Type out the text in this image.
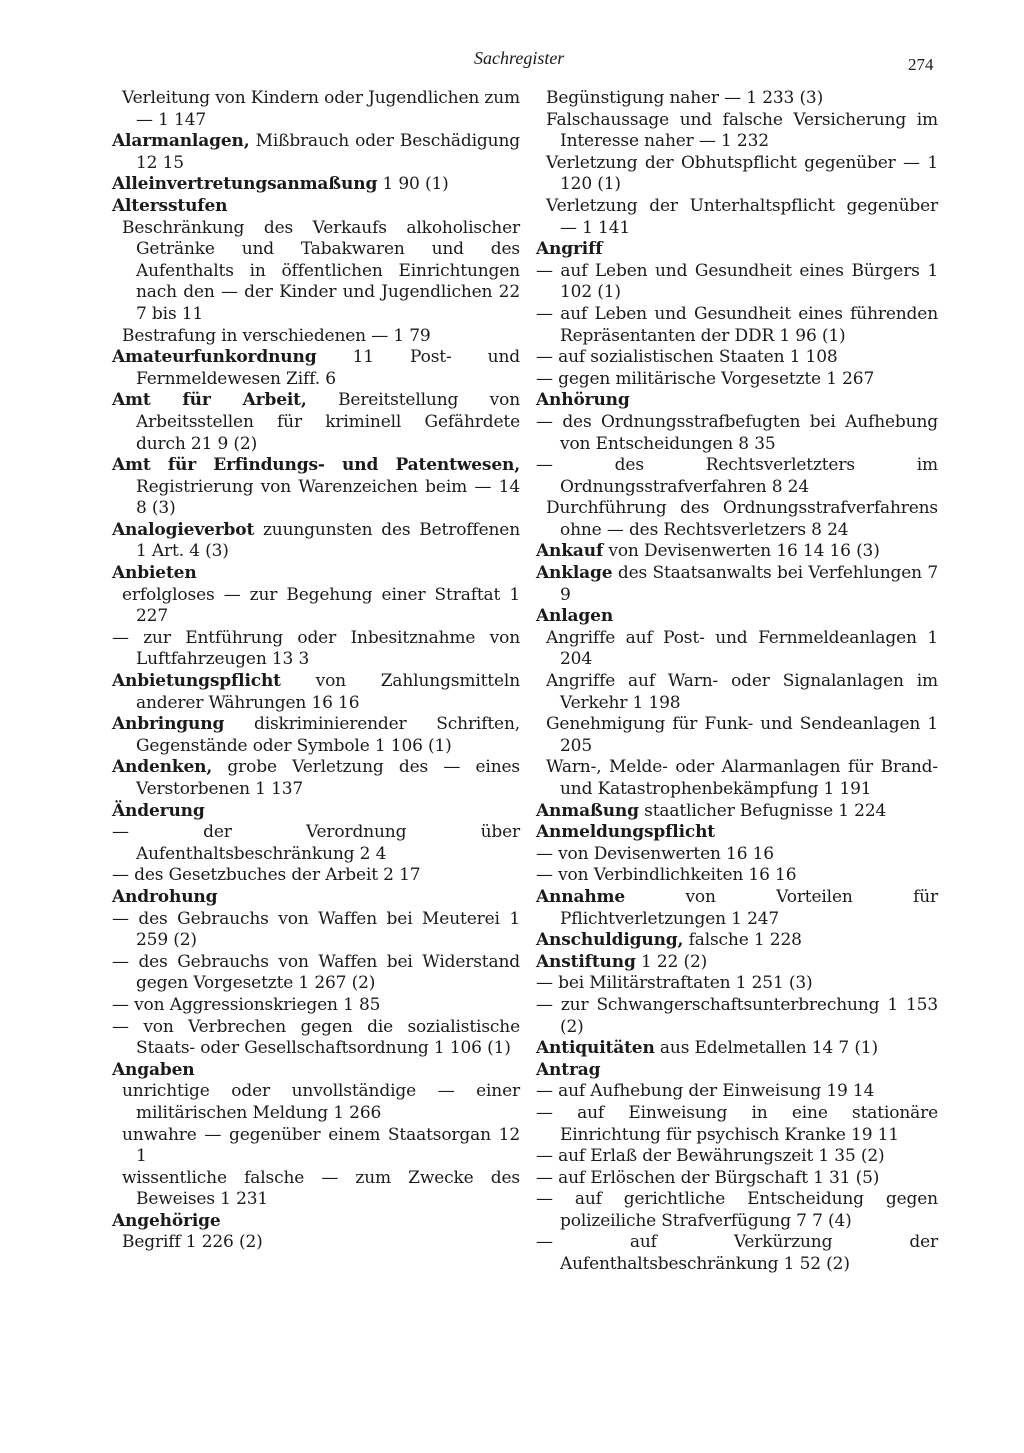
Sachregister	274

Verleitung von Kindern oder Jugendlichen zum — 1 147

Alarmanlagen, Mißbrauch oder Beschädigung 12 15

Alleinvertretungsanmaßung 1 90 (1)

Altersstufen

Beschränkung des Verkaufs alkoholischer Getränke und Tabakwaren und des Aufenthalts in öffentlichen Einrichtungen nach den — der Kinder und Jugendlichen 22 7 bis 11

Bestrafung in verschiedenen — 1 79

Amateurfunkordnung 11 Post- und Fernmeldewesen Ziff. 6

Amt für Arbeit, Bereitstellung von Arbeitsstellen für kriminell Gefährdete durch 21 9 (2)

Amt für Erfindungs- und Patentwesen, Registrierung von Warenzeichen beim — 14 8 (3)

Analogieverbot zuungunsten des Betroffenen 1 Art. 4 (3)

Anbieten

erfolgloses — zur Begehung einer Straftat 1 227

— zur Entführung oder Inbesitznahme von Luftfahrzeugen 13 3

Anbietungspflicht von Zahlungsmitteln anderer Währungen 16 16

Anbringung diskriminierender Schriften, Gegenstände oder Symbole 1 106 (1)

Andenken, grobe Verletzung des — eines Verstorbenen 1 137

Änderung

— der Verordnung über Aufenthaltsbeschränkung 2 4

— des Gesetzbuches der Arbeit 2 17

Androhung

— des Gebrauchs von Waffen bei Meuterei 1 259 (2)

— des Gebrauchs von Waffen bei Widerstand gegen Vorgesetzte 1 267 (2)

— von Aggressionskriegen 1 85

— von Verbrechen gegen die sozialistische Staats- oder Gesellschaftsordnung 1 106 (1)

Angaben

unrichtige oder unvollständige — einer militärischen Meldung 1 266

unwahre — gegenüber einem Staatsorgan 12 1

wissentliche falsche — zum Zwecke des Beweises 1 231

Angehörige

Begriff 1 226 (2)

Begünstigung naher — 1 233 (3)

Falschaussage und falsche Versicherung im Interesse naher — 1 232

Verletzung der Obhutspflicht gegenüber — 1 120 (1)

Verletzung der Unterhaltspflicht gegenüber — 1 141

Angriff

— auf Leben und Gesundheit eines Bürgers 1 102 (1)

— auf Leben und Gesundheit eines führenden Repräsentanten der DDR 1 96 (1)

— auf sozialistischen Staaten 1 108

— gegen militärische Vorgesetzte 1 267

Anhörung

— des Ordnungsstrafbefugten bei Aufhebung von Entscheidungen 8 35

— des Rechtsverletzters im Ordnungsstrafverfahren 8 24

Durchführung des Ordnungsstrafverfahrens ohne — des Rechtsverletzers 8 24

Ankauf von Devisenwerten 16 14 16 (3)

Anklage des Staatsanwalts bei Verfehlungen 7 9

Anlagen

Angriffe auf Post- und Fernmeldeanlagen 1 204

Angriffe auf Warn- oder Signalanlagen im Verkehr 1 198

Genehmigung für Funk- und Sendeanlagen 1 205

Warn-, Melde- oder Alarmanlagen für Brand- und Katastrophenbekämpfung 1 191

Anmaßung staatlicher Befugnisse 1 224

Anmeldungspflicht

— von Devisenwerten 16 16

— von Verbindlichkeiten 16 16

Annahme von Vorteilen für Pflichtverletzungen 1 247

Anschuldigung, falsche 1 228

Anstiftung 1 22 (2)

— bei Militärstraftaten 1 251 (3)

— zur Schwangerschaftsunterbrechung 1 153 (2)

Antiquitäten aus Edelmetallen 14 7 (1)

Antrag

— auf Aufhebung der Einweisung 19 14

— auf Einweisung in eine stationäre Einrichtung für psychisch Kranke 19 11

— auf Erlaß der Bewährungszeit 1 35 (2)

— auf Erlöschen der Bürgschaft 1 31 (5)

— auf gerichtliche Entscheidung gegen polizeiliche Strafverfügung 7 7 (4)

— auf Verkürzung der Aufenthaltsbeschränkung 1 52 (2)
